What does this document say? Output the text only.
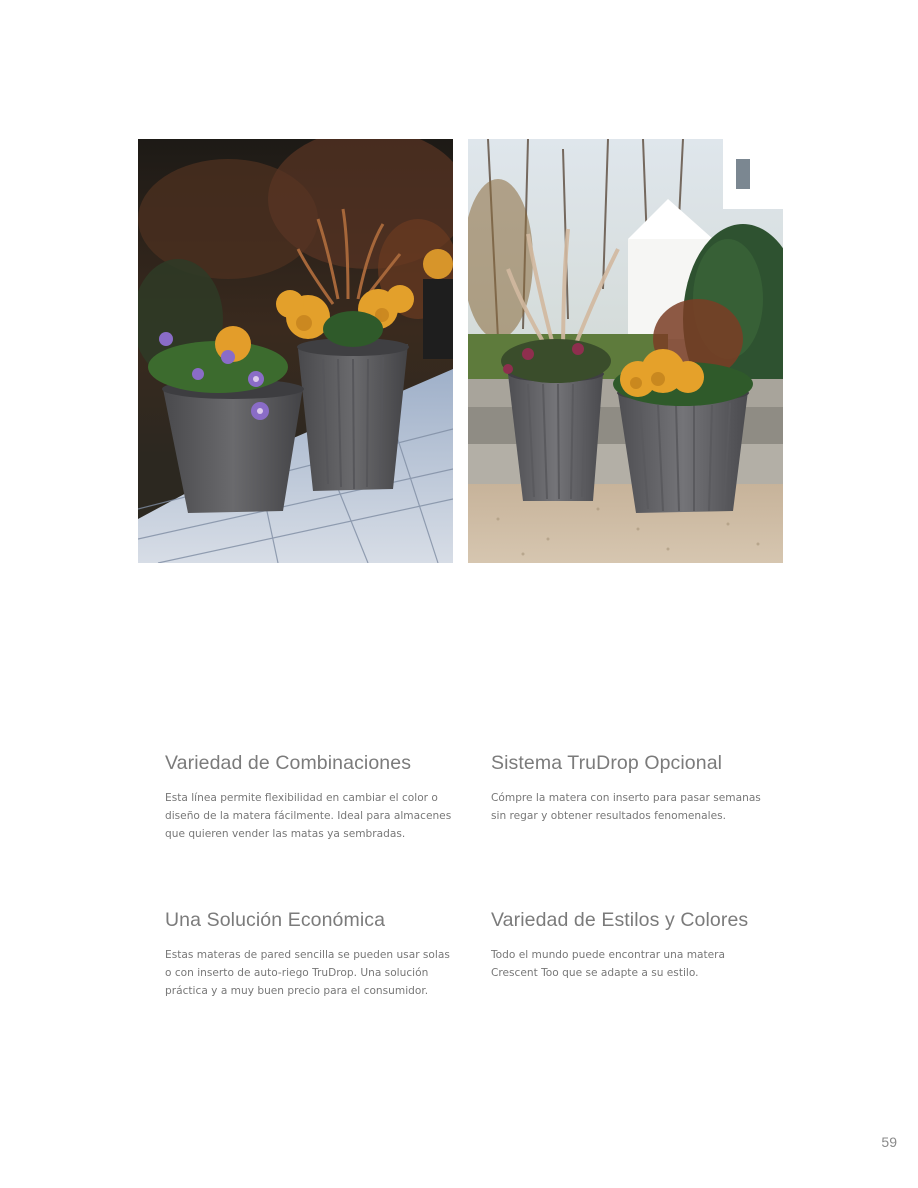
Variedad de Combinaciones

Esta línea permite flexibilidad en cambiar el color o
diseño de la matera fácilmente. Ideal para almacenes
que quieren vender las matas ya sembradas.

Sistema TruDrop Opcional

Cómpre la matera con inserto para pasar semanas
sin regar y obtener resultados fenomenales.

Una Solución Económica

Estas materas de pared sencilla se pueden usar solas
o con inserto de auto-riego TruDrop. Una solución
práctica y a muy buen precio para el consumidor.

Variedad de Estilos y Colores

Todo el mundo puede encontrar una matera
Crescent Too que se adapte a su estilo.

59
